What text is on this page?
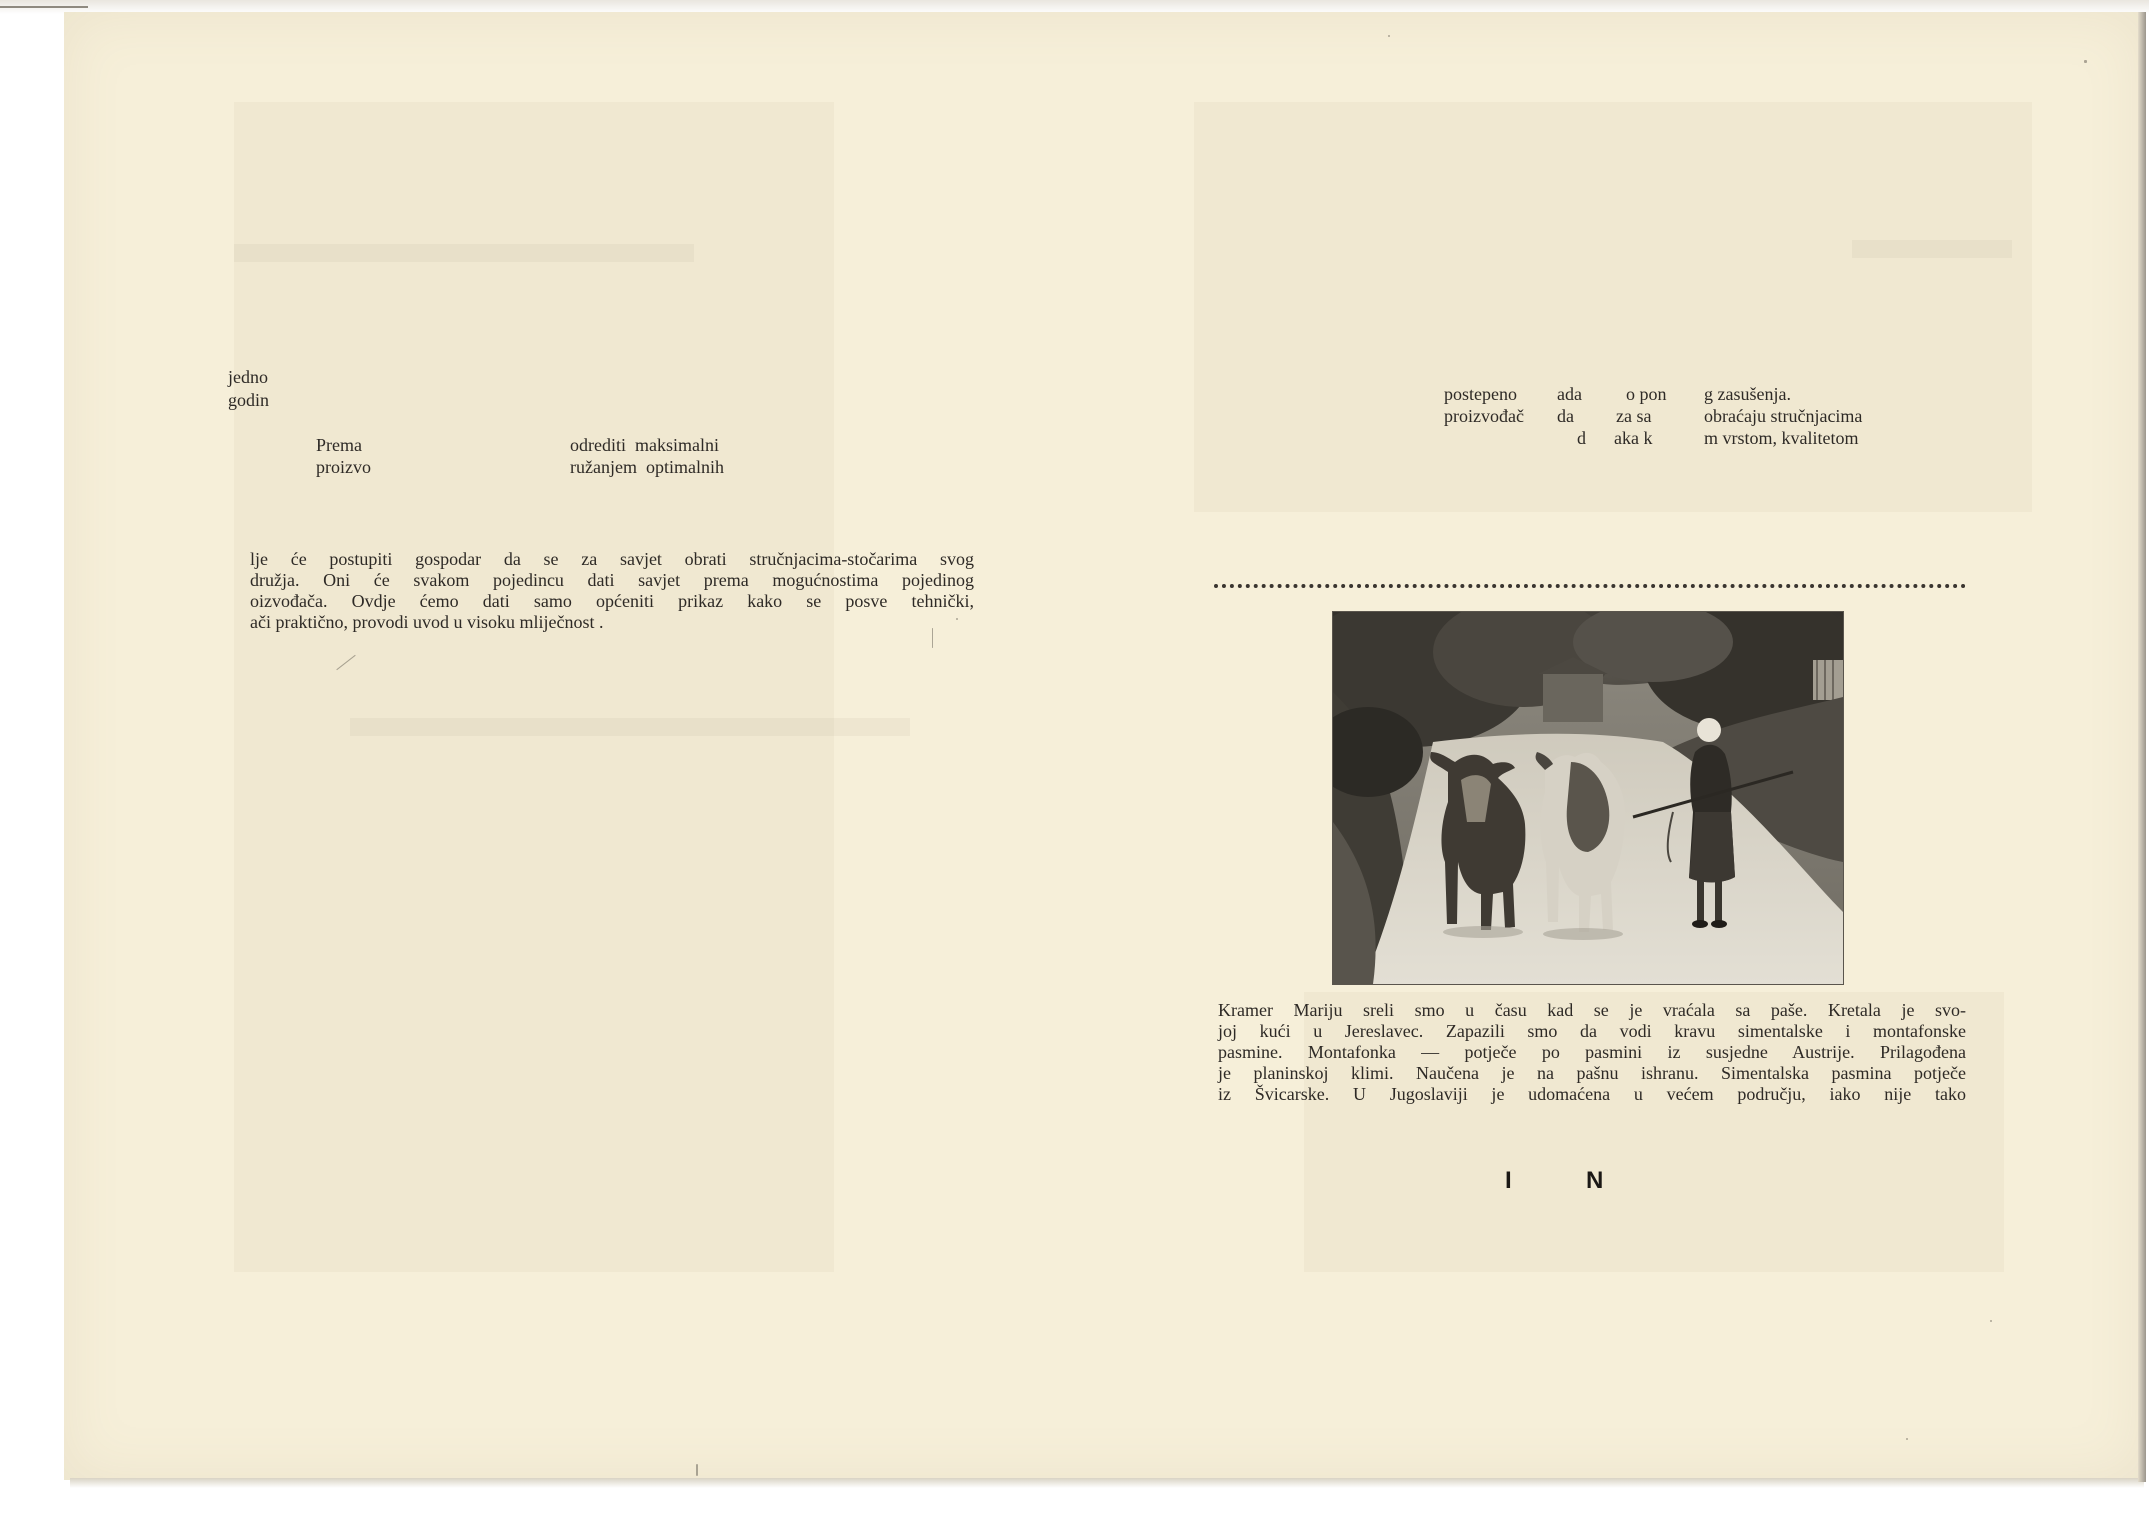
jedno
godin
Prema
proizvo
odrediti  maksimalni
ružanjem  optimalnih
lje će postupiti gospodar da se za savjet obrati stručnjacima-stočarima svog
družja. Oni će svakom pojedincu dati savjet prema mogućnostima pojedinog
oizvođača. Ovdje ćemo dati samo općeniti prikaz kako se posve tehnički,
ači praktično, provodi uvod u visoku mliječnost .
postepeno
proizvođač
ada
da
d
o pon
za sa
aka k
g zasušenja.
obraćaju stručnjacima
m vrstom, kvalitetom
Kramer Mariju sreli smo u času kad se je vraćala sa paše. Kretala je svo-
joj kući u Jereslavec. Zapazili smo da vodi kravu simentalske i montafonske
pasmine. Montafonka — potječe po pasmini iz susjedne Austrije. Prilagođena
je planinskoj klimi. Naučena je na pašnu ishranu. Simentalska pasmina potječe
iz Švicarske. U Jugoslaviji je udomaćena u većem području, iako nije tako
I	N
